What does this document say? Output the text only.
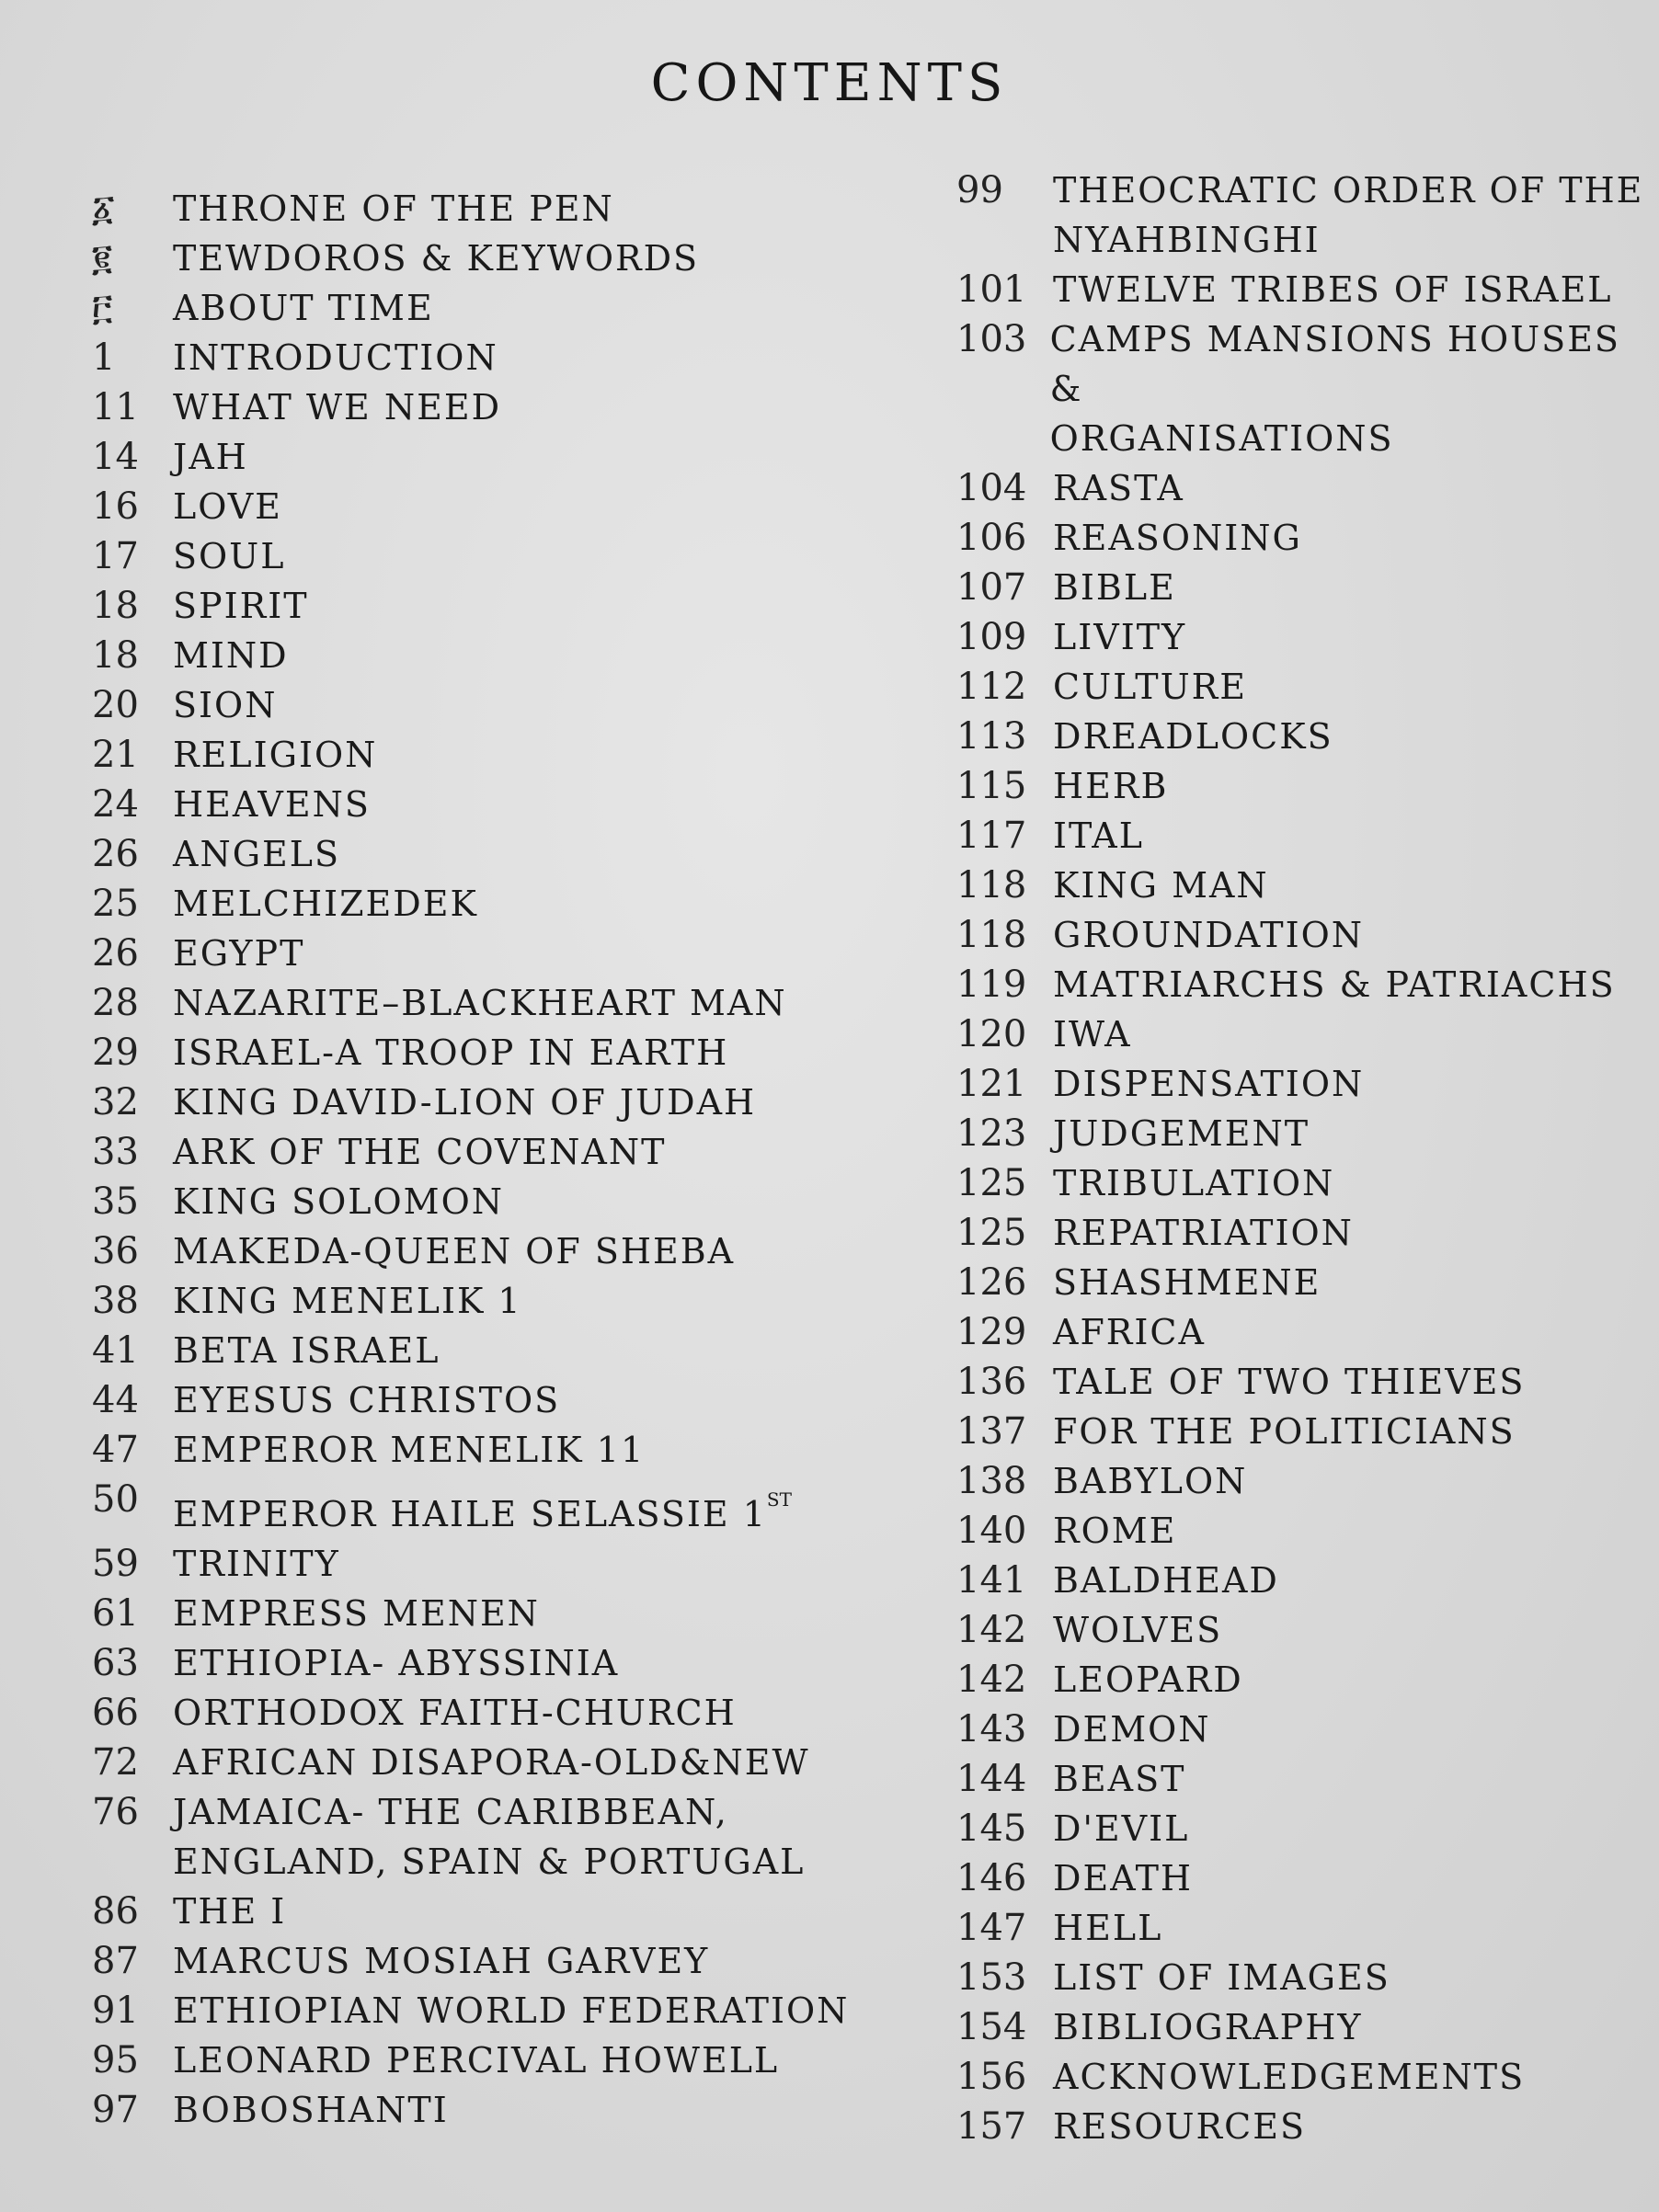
CONTENTS
፩	THRONE OF THE PEN
፪	TEWDOROS & KEYWORDS
፫	ABOUT TIME
1	INTRODUCTION
11 WHAT WE NEED
14 JAH
16 LOVE
17 SOUL
18 SPIRIT
18 MIND
20 SION
21 RELIGION
24 HEAVENS
26 ANGELS
25 MELCHIZEDEK
26 EGYPT
28 NAZARITE–BLACKHEART MAN
29 ISRAEL-A TROOP IN EARTH
32 KING DAVID-LION OF JUDAH
33 ARK OF THE COVENANT
35 KING SOLOMON
36 MAKEDA-QUEEN OF SHEBA
38 KING MENELIK 1
41 BETA ISRAEL
44 EYESUS CHRISTOS
47 EMPEROR MENELIK 11
50 EMPEROR HAILE SELASSIE 1ST
59 TRINITY
61 EMPRESS MENEN
63 ETHIOPIA- ABYSSINIA
66 ORTHODOX FAITH-CHURCH
72 AFRICAN DISAPORA-OLD&NEW
76 JAMAICA- THE CARIBBEAN,
ENGLAND, SPAIN & PORTUGAL
86 THE I
87 MARCUS MOSIAH GARVEY
91 ETHIOPIAN WORLD FEDERATION
95 LEONARD PERCIVAL HOWELL
97 BOBOSHANTI
99	THEOCRATIC ORDER OF THE
NYAHBINGHI
101 TWELVE TRIBES OF ISRAEL
103 CAMPS MANSIONS HOUSES &
ORGANISATIONS
104 RASTA
106 REASONING
107 BIBLE
109 LIVITY
112 CULTURE
113 DREADLOCKS
115 HERB
117 ITAL
118 KING MAN
118 GROUNDATION
119 MATRIARCHS & PATRIACHS
120 IWA
121 DISPENSATION
123 JUDGEMENT
125 TRIBULATION
125 REPATRIATION
126 SHASHMENE
129 AFRICA
136 TALE OF TWO THIEVES
137 FOR THE POLITICIANS
138 BABYLON
140 ROME
141 BALDHEAD
142 WOLVES
142 LEOPARD
143 DEMON
144 BEAST
145 D'EVIL
146 DEATH
147 HELL
153 LIST OF IMAGES
154 BIBLIOGRAPHY
156 ACKNOWLEDGEMENTS
157 RESOURCES
